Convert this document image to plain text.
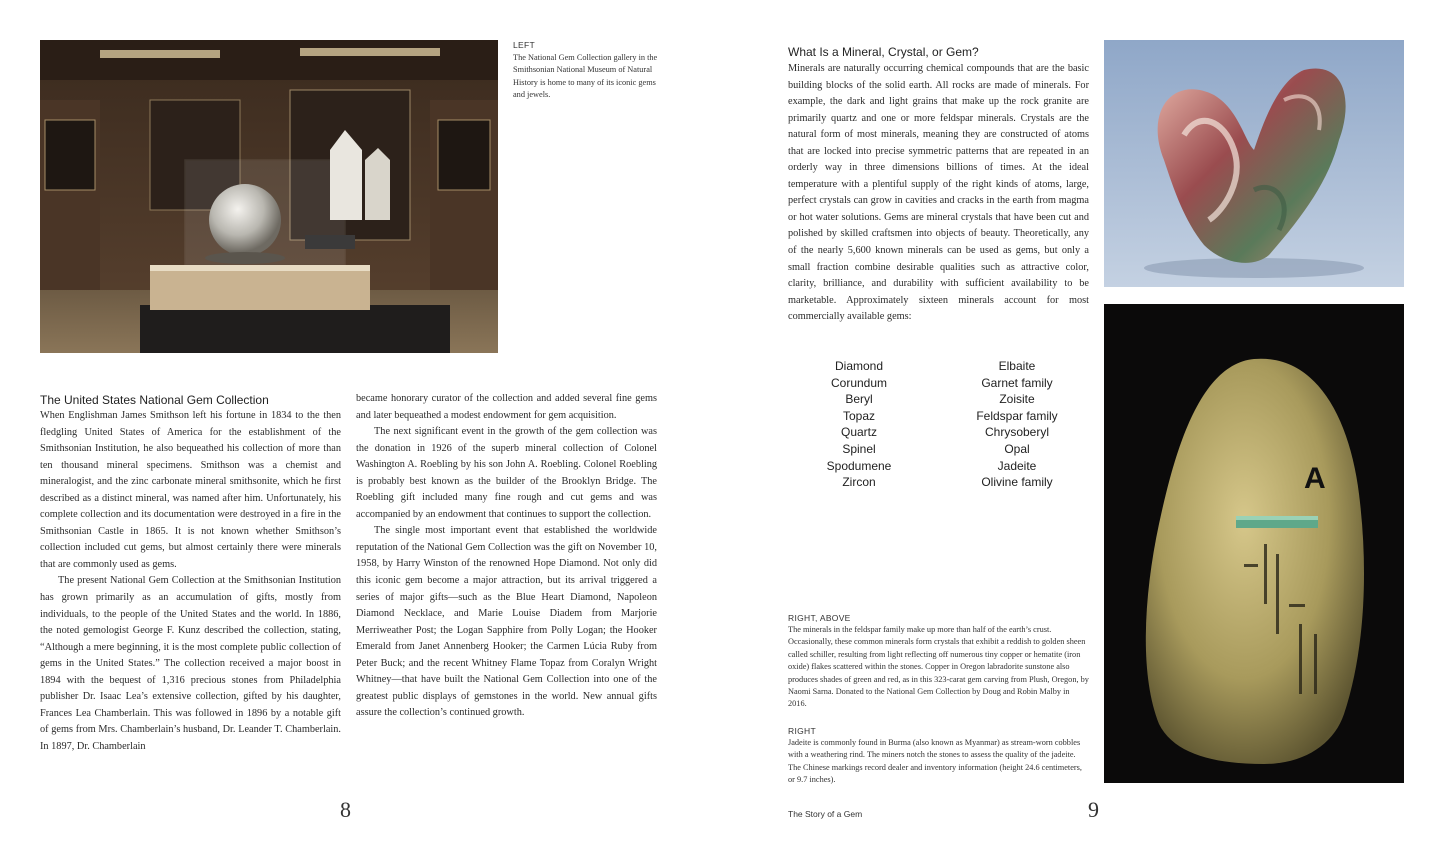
LEFT
The National Gem Collection gallery in the Smithsonian National Museum of Natural History is home to many of its iconic gems and jewels.
The United States National Gem Collection

When Englishman James Smithson left his fortune in 1834 to the then fledgling United States of America for the establishment of the Smithsonian Institution, he also bequeathed his collection of more than ten thousand mineral specimens. Smithson was a chemist and mineralogist, and the zinc carbonate mineral smithsonite, which he first described as a distinct mineral, was named after him. Unfortunately, his complete collection and its documentation were destroyed in a fire in the Smithsonian Castle in 1865. It is not known whether Smithson’s collection included cut gems, but almost certainly there were minerals that are commonly used as gems.

The present National Gem Collection at the Smithsonian Institution has grown primarily as an accumulation of gifts, mostly from individuals, to the people of the United States and the world. In 1886, the noted gemologist George F. Kunz described the collection, stating, “Although a mere beginning, it is the most complete public collection of gems in the United States.” The collection received a major boost in 1894 with the bequest of 1,316 precious stones from Philadelphia publisher Dr. Isaac Lea’s extensive collection, gifted by his daughter, Frances Lea Chamberlain. This was followed in 1896 by a notable gift of gems from Mrs. Chamberlain’s husband, Dr. Leander T. Chamberlain. In 1897, Dr. Chamberlain

became honorary curator of the collection and added several fine gems and later bequeathed a modest endowment for gem acquisition.

The next significant event in the growth of the gem collection was the donation in 1926 of the superb mineral collection of Colonel Washington A. Roebling by his son John A. Roebling. Colonel Roebling is probably best known as the builder of the Brooklyn Bridge. The Roebling gift included many fine rough and cut gems and was accompanied by an endowment that continues to support the collection.

The single most important event that established the worldwide reputation of the National Gem Collection was the gift on November 10, 1958, by Harry Winston of the renowned Hope Diamond. Not only did this iconic gem become a major attraction, but its arrival triggered a series of major gifts—such as the Blue Heart Diamond, Napoleon Diamond Necklace, and Marie Louise Diadem from Marjorie Merriweather Post; the Logan Sapphire from Polly Logan; the Hooker Emerald from Janet Annenberg Hooker; the Carmen Lúcia Ruby from Peter Buck; and the recent Whitney Flame Topaz from Coralyn Wright Whitney—that have built the National Gem Collection into one of the greatest public displays of gemstones in the world. New annual gifts assure the collection’s continued growth.

8
What Is a Mineral, Crystal, or Gem?

Minerals are naturally occurring chemical compounds that are the basic building blocks of the solid earth. All rocks are made of minerals. For example, the dark and light grains that make up the rock granite are primarily quartz and one or more feldspar minerals. Crystals are the natural form of most minerals, meaning they are constructed of atoms that are locked into precise symmetric patterns that are repeated in an orderly way in three dimensions billions of times. At the ideal temperature with a plentiful supply of the right kinds of atoms, large, perfect crystals can grow in cavities and cracks in the earth from magma or hot water solutions. Gems are mineral crystals that have been cut and polished by skilled craftsmen into objects of beauty. Theoretically, any of the nearly 5,600 known minerals can be used as gems, but only a small fraction combine desirable qualities such as attractive color, clarity, brilliance, and durability with sufficient availability to be marketable. Approximately sixteen minerals account for most commercially available gems:

Diamond
Corundum
Beryl
Topaz
Quartz
Spinel
Spodumene
Zircon
Elbaite
Garnet family
Zoisite
Feldspar family
Chrysoberyl
Opal
Jadeite
Olivine family	A
RIGHT, ABOVE
The minerals in the feldspar family make up more than half of the earth’s crust. Occasionally, these common minerals form crystals that exhibit a reddish to golden sheen called schiller, resulting from light reflecting off numerous tiny copper or hematite (iron oxide) flakes scattered within the stones. Copper in Oregon labradorite sunstone also produces shades of green and red, as in this 323-carat gem carving from Plush, Oregon, by Naomi Sarna. Donated to the National Gem Collection by Doug and Robin Malby in 2016.
RIGHT
Jadeite is commonly found in Burma (also known as Myanmar) as stream-worn cobbles with a weathering rind. The miners notch the stones to assess the quality of the jadeite. The Chinese markings record dealer and inventory information (height 24.6 centimeters, or 9.7 inches).
The Story of a Gem	9
